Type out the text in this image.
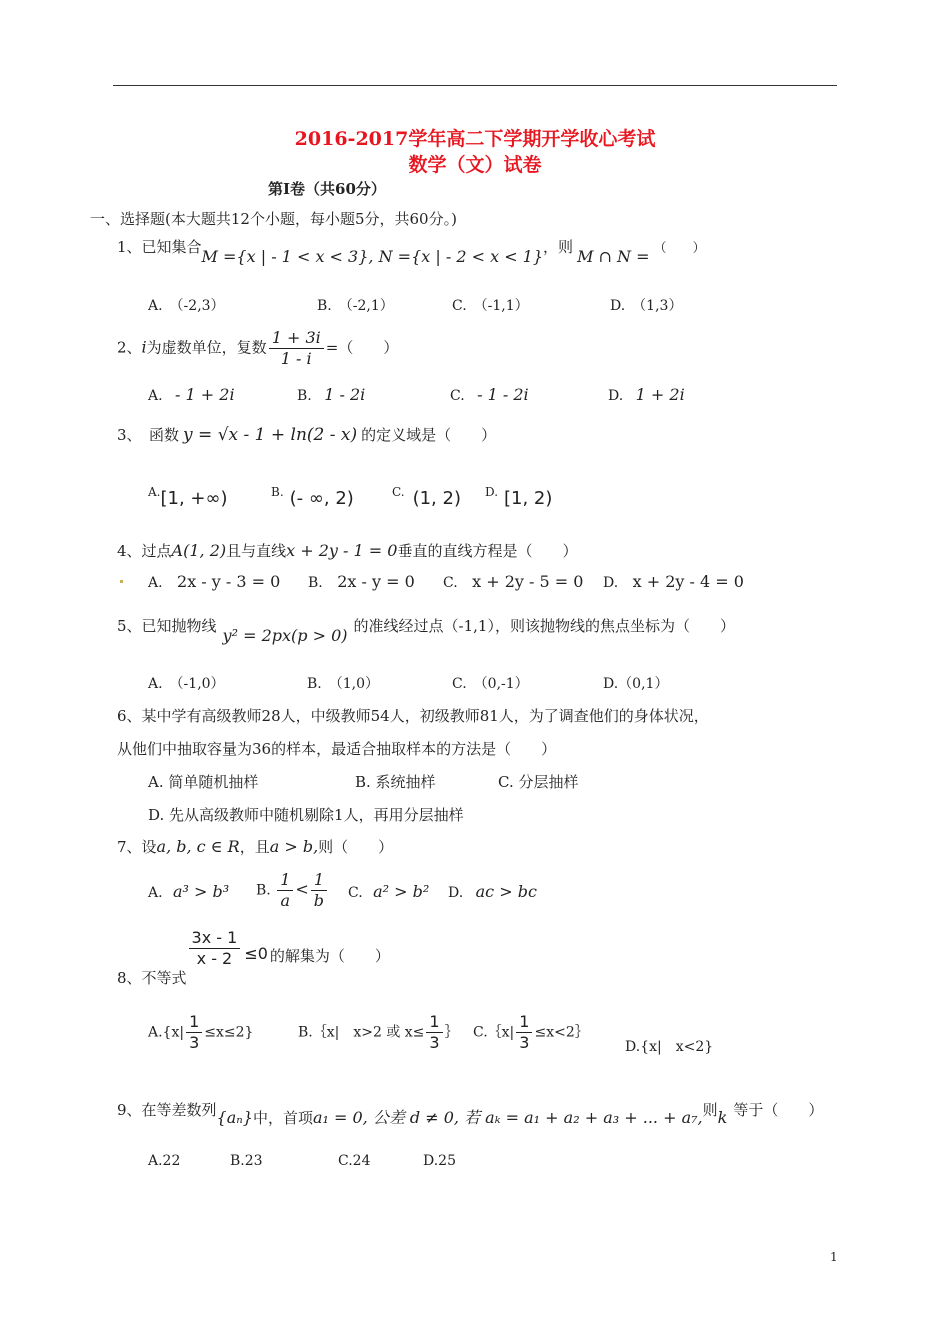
2016-2017学年高二下学期开学收心考试
数学（文）试卷
第Ⅰ卷（共60分）
一、选择题(本大题共12个小题，每小题5分，共60分。)
1、已知集合M ={x | - 1 < x < 3}, N ={x | - 2 < x < 1}，则 M ∩ N = （　　）
A.　（-2,3）	B.　（-2,1）	C.　（-1,1）	D.　（1,3）
2、i为虚数单位，复数 $\frac{1 + 3i}{1 - i}$ =（　　）
A. - 1 + 2i	B. 1 - 2i	C. - 1 - 2i	D. 1 + 2i
3、　函数 y = √x - 1 + ln(2 - x) 的定义域是（　　）
A.[1, +∞)	B. (- ∞, 2)	C. (1, 2) D. [1, 2)
4、过点A(1, 2)且与直线x + 2y - 1 = 0垂直的直线方程是（　　）
A. 2x - y - 3 = 0 B. 2x - y = 0 C. x + 2y - 5 = 0 D. x + 2y - 4 = 0
5、已知抛物线 y² = 2px(p > 0) 的准线经过点（-1,1），则该抛物线的焦点坐标为（　　）
A.　（-1,0）	B.　（1,0）	C.　（0,-1）	D.（0,1）
6、某中学有高级教师28人，中级教师54人，初级教师81人，为了调查他们的身体状况，
从他们中抽取容量为36的样本，最适合抽取样本的方法是（　　）
A. 简单随机抽样	B. 系统抽样	C. 分层抽样
D. 先从高级教师中随机剔除1人，再用分层抽样
7、设a, b, c ∈ R，且a > b,则（　　）
A. a³ > b³ B. $\frac{1}{a} < \frac{1}{b} C$. a² > b² D. ac > bc
8、不等式
$\frac{3x - 1}{x - 2} \le 0$ 的解集为（　　）
$A.\{x| \frac{1}{3} \le x\le 2\}$	B.｛x|　x>2 或 $x\le \frac{1}{3}$ ｝ C.｛x| $\frac{1}{3}$ ≤x<2｝
D.{x|　x<2}
9、在等差数列{aₙ}中，首项a₁ = 0, 公差 d ≠ 0, 若 aₖ = a₁ + a₂ + a₃ + ... + a₇,则k 等于（　　）
A.22	B.23	C.24	D.25
1
